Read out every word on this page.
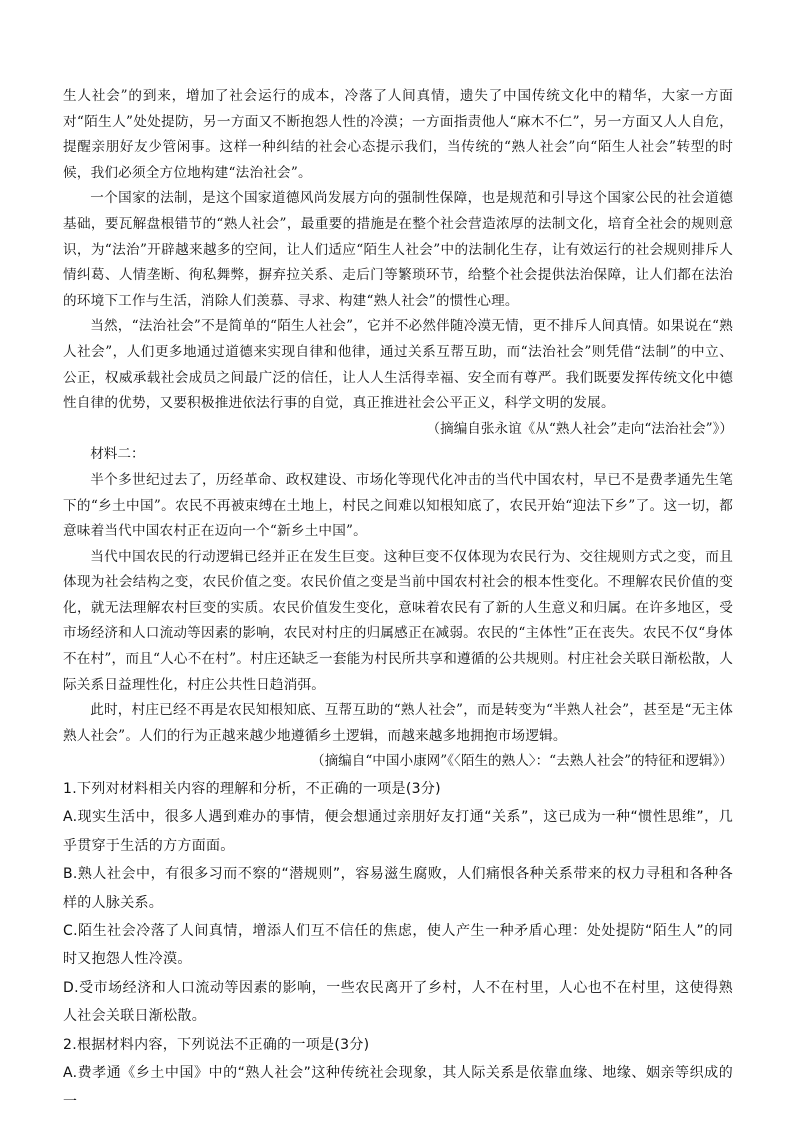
生人社会”的到来，增加了社会运行的成本，冷落了人间真情，遗失了中国传统文化中的精华，大家一方面对“陌生人”处处提防，另一方面又不断抱怨人性的冷漠；一方面指责他人“麻木不仁”，另一方面又人人自危，提醒亲朋好友少管闲事。这样一种纠结的社会心态提示我们，当传统的“熟人社会”向“陌生人社会”转型的时候，我们必须全方位地构建“法治社会”。

一个国家的法制，是这个国家道德风尚发展方向的强制性保障，也是规范和引导这个国家公民的社会道德基础，要瓦解盘根错节的“熟人社会”，最重要的措施是在整个社会营造浓厚的法制文化，培育全社会的规则意识，为“法治”开辟越来越多的空间，让人们适应“陌生人社会”中的法制化生存，让有效运行的社会规则排斥人情纠葛、人情垄断、徇私舞弊，摒弃拉关系、走后门等繁琐环节，给整个社会提供法治保障，让人们都在法治的环境下工作与生活，消除人们羡慕、寻求、构建“熟人社会”的惯性心理。

当然，“法治社会”不是简单的“陌生人社会”，它并不必然伴随冷漠无情，更不排斥人间真情。如果说在“熟人社会”，人们更多地通过道德来实现自律和他律，通过关系互帮互助，而“法治社会”则凭借“法制”的中立、公正，权威承载社会成员之间最广泛的信任，让人人生活得幸福、安全而有尊严。我们既要发挥传统文化中德性自律的优势，又要积极推进依法行事的自觉，真正推进社会公平正义，科学文明的发展。

（摘编自张永谊《从“熟人社会”走向“法治社会”》）

材料二：

半个多世纪过去了，历经革命、政权建设、市场化等现代化冲击的当代中国农村，早已不是费孝通先生笔下的“乡土中国”。农民不再被束缚在土地上，村民之间难以知根知底了，农民开始“迎法下乡”了。这一切，都意味着当代中国农村正在迈向一个“新乡土中国”。

当代中国农民的行动逻辑已经并正在发生巨变。这种巨变不仅体现为农民行为、交往规则方式之变，而且体现为社会结构之变，农民价值之变。农民价值之变是当前中国农村社会的根本性变化。不理解农民价值的变化，就无法理解农村巨变的实质。农民价值发生变化，意味着农民有了新的人生意义和归属。在许多地区，受市场经济和人口流动等因素的影响，农民对村庄的归属感正在减弱。农民的“主体性”正在丧失。农民不仅“身体不在村”，而且“人心不在村”。村庄还缺乏一套能为村民所共享和遵循的公共规则。村庄社会关联日渐松散，人际关系日益理性化，村庄公共性日趋消弭。

此时，村庄已经不再是农民知根知底、互帮互助的“熟人社会”，而是转变为“半熟人社会”，甚至是“无主体熟人社会”。人们的行为正越来越少地遵循乡土逻辑，而越来越多地拥抱市场逻辑。

（摘编自“中国小康网”《〈陌生的熟人〉：“去熟人社会”的特征和逻辑》）

1.下列对材料相关内容的理解和分析，不正确的一项是(3分)

A.现实生活中，很多人遇到难办的事情，便会想通过亲朋好友打通“关系”，这已成为一种“惯性思维”，几乎贯穿于生活的方方面面。

B.熟人社会中，有很多习而不察的“潜规则”，容易滋生腐败，人们痛恨各种关系带来的权力寻租和各种各样的人脉关系。

C.陌生社会冷落了人间真情，增添人们互不信任的焦虑，使人产生一种矛盾心理：处处提防“陌生人”的同时又抱怨人性冷漠。

D.受市场经济和人口流动等因素的影响，一些农民离开了乡村，人不在村里，人心也不在村里，这使得熟人社会关联日渐松散。

2.根据材料内容，下列说法不正确的一项是(3分)

A.费孝通《乡土中国》中的“熟人社会”这种传统社会现象，其人际关系是依靠血缘、地缘、姻亲等织成的一
